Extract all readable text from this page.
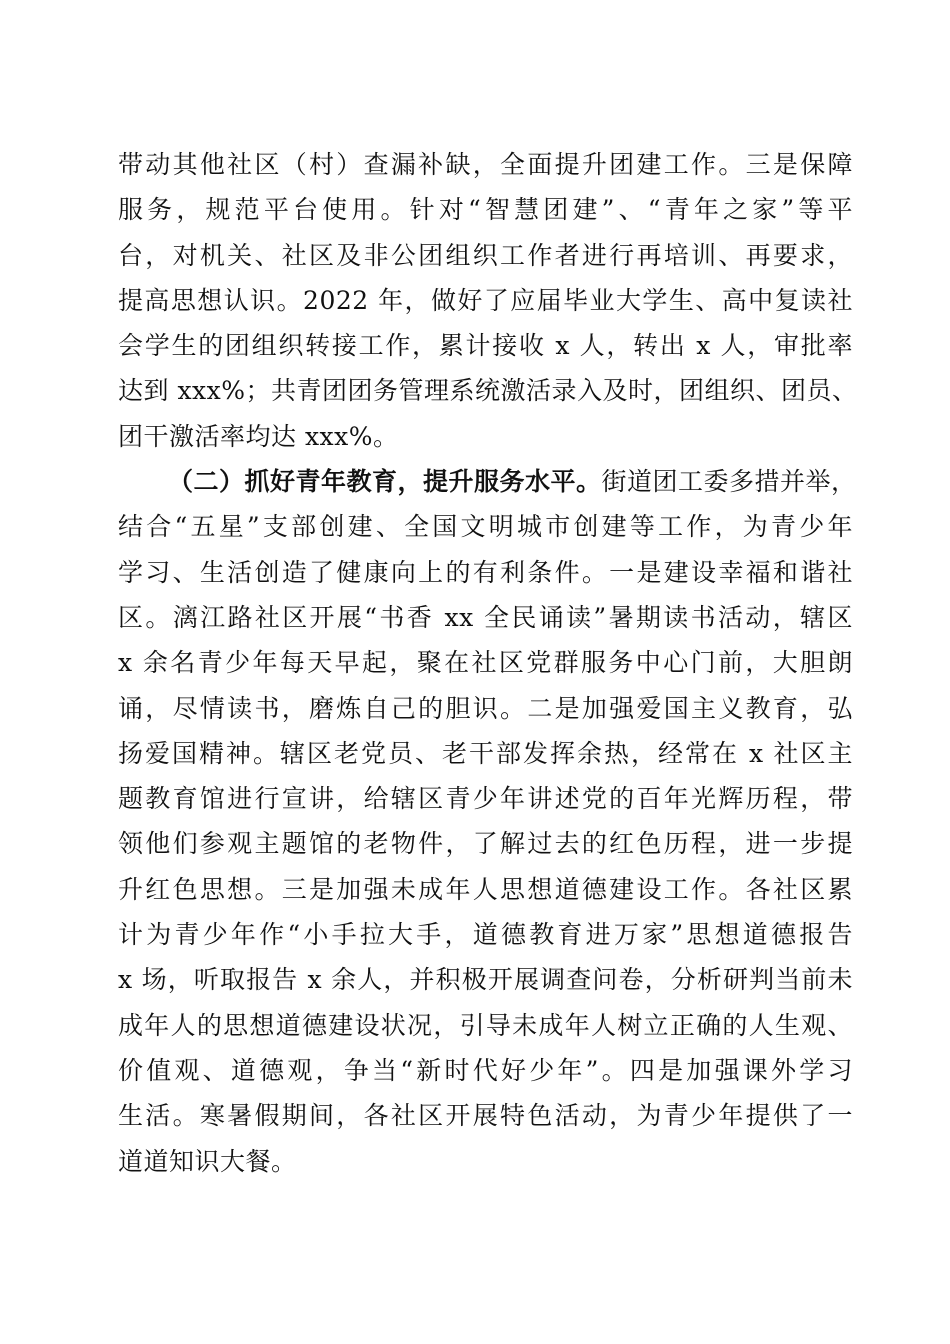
带动其他社区（村）查漏补缺，全面提升团建工作。三是保障
服务，规范平台使用。针对“智慧团建”、“青年之家”等平
台，对机关、社区及非公团组织工作者进行再培训、再要求，
提高思想认识。2022 年，做好了应届毕业大学生、高中复读社
会学生的团组织转接工作，累计接收 x 人，转出 x 人，审批率
达到 xxx%；共青团团务管理系统激活录入及时，团组织、团员、
团干激活率均达 xxx%。
（二）抓好青年教育，提升服务水平。街道团工委多措并举，
结合“五星”支部创建、全国文明城市创建等工作，为青少年
学习、生活创造了健康向上的有利条件。一是建设幸福和谐社
区。漓江路社区开展“书香 xx 全民诵读”暑期读书活动，辖区
x 余名青少年每天早起，聚在社区党群服务中心门前，大胆朗
诵，尽情读书，磨炼自己的胆识。二是加强爱国主义教育，弘
扬爱国精神。辖区老党员、老干部发挥余热，经常在 x 社区主
题教育馆进行宣讲，给辖区青少年讲述党的百年光辉历程，带
领他们参观主题馆的老物件，了解过去的红色历程，进一步提
升红色思想。三是加强未成年人思想道德建设工作。各社区累
计为青少年作“小手拉大手，道德教育进万家”思想道德报告
x 场，听取报告 x 余人，并积极开展调查问卷，分析研判当前未
成年人的思想道德建设状况，引导未成年人树立正确的人生观、
价值观、道德观，争当“新时代好少年”。四是加强课外学习
生活。寒暑假期间，各社区开展特色活动，为青少年提供了一
道道知识大餐。
